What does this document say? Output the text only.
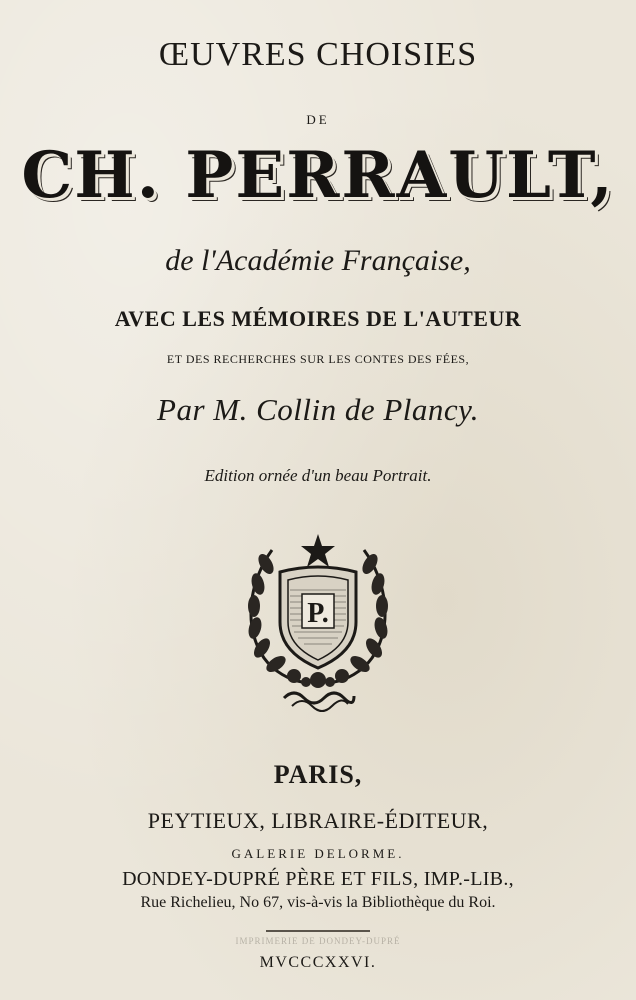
ŒUVRES CHOISIES
DE
CH. PERRAULT,
de l'Académie Française,
AVEC LES MÉMOIRES DE L'AUTEUR
ET DES RECHERCHES SUR LES CONTES DES FÉES,
Par M. Collin de Plancy.
Edition ornée d'un beau Portrait.
P.
PARIS,
PEYTIEUX, LIBRAIRE-ÉDITEUR,
GALERIE DELORME.
DONDEY-DUPRÉ PÈRE ET FILS, IMP.-LIB.,
Rue Richelieu, No 67, vis-à-vis la Bibliothèque du Roi.
IMPRIMERIE DE DONDEY-DUPRÉ
MVCCCXXVI.
